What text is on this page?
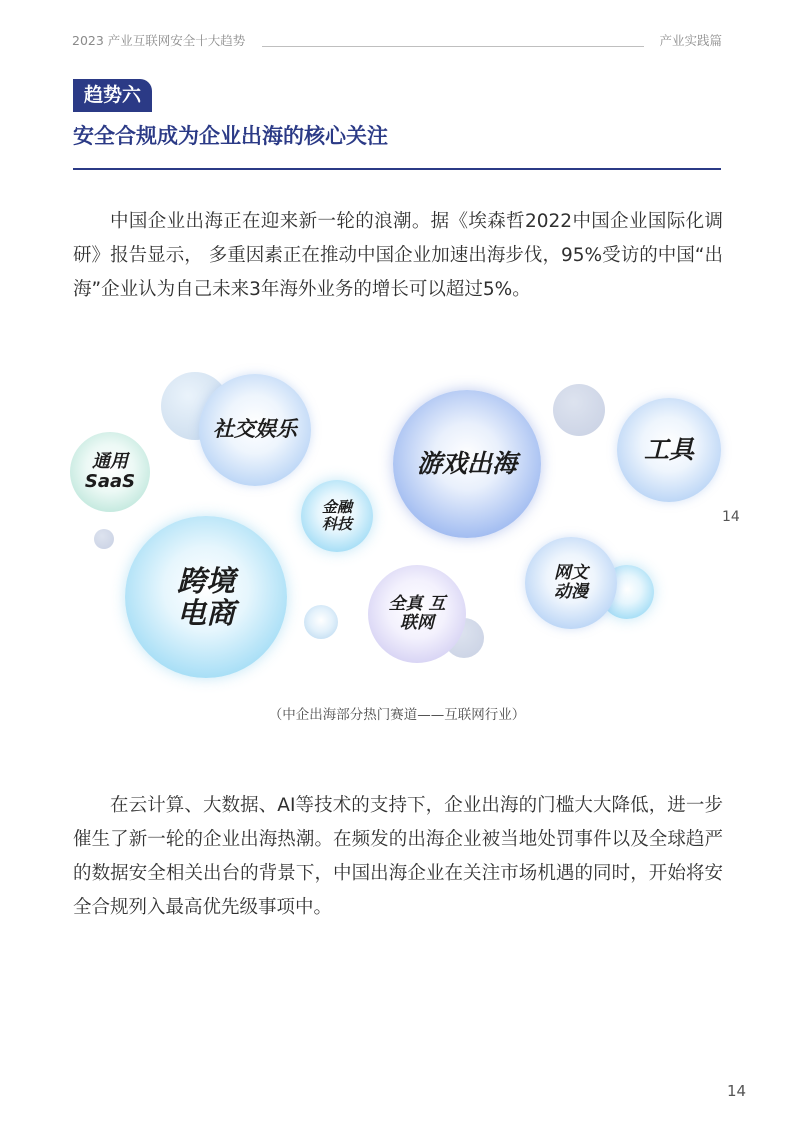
2023 产业互联网安全十大趋势	产业实践篇
趋势六
安全合规成为企业出海的核心关注

中国企业出海正在迎来新一轮的浪潮。据《埃森哲2022中国企业国际化调研》报告显示， 多重因素正在推动中国企业加速出海步伐，95%受访的中国“出海”企业认为自己未来3年海外业务的增长可以超过5%。

社交娱乐
通用 SaaS
游戏出海	工具
金融 科技
跨境 电商	全真 互联网
网文 动漫
14
（中企出海部分热门赛道——互联网行业）

在云计算、大数据、AI等技术的支持下，企业出海的门槛大大降低，进一步催生了新一轮的企业出海热潮。在频发的出海企业被当地处罚事件以及全球趋严的数据安全相关出台的背景下，中国出海企业在关注市场机遇的同时，开始将安全合规列入最高优先级事项中。

14
